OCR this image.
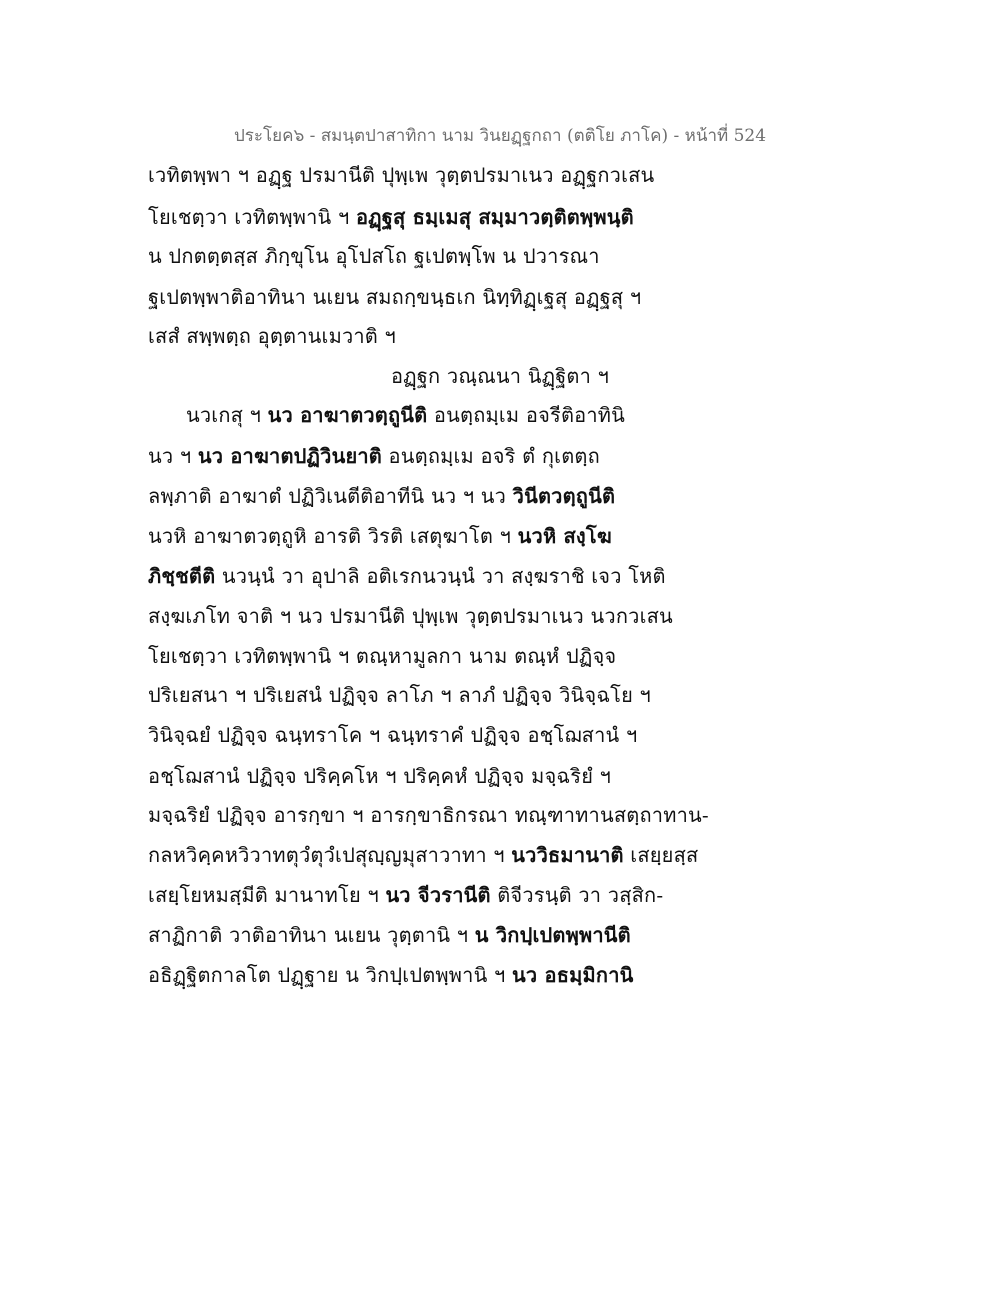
ประโยค๖ - สมนฺตปาสาทิกา นาม วินยฏฺฐกถา (ตติโย ภาโค) - หน้าที่ 524
เวทิตพฺพา ฯ อฏฺฐ ปรมานีติ ปุพฺเพ วุตฺตปรมาเนว อฏฺฐกวเสน
โยเชตฺวา เวทิตพฺพานิ ฯ อฏฺฐสุ ธมฺเมสุ สมฺมาวตฺติตพฺพนฺติ
น ปกตตฺตสฺส ภิกฺขุโน อุโปสโถ ฐเปตพฺโพ น ปวารณา
ฐเปตพฺพาติอาทินา นเยน สมถกฺขนฺธเก นิทฺทิฏฺเฐสุ อฏฺฐสุ ฯ
เสสํ สพฺพตฺถ อุตฺตานเมวาติ ฯ
อฏฺฐก วณฺณนา นิฏฺฐิตา ฯ
นวเกสุ ฯ นว อาฆาตวตฺถูนีติ อนตฺถมฺเม อจรีติอาทินิ
นว ฯ นว อาฆาตปฏิวินยาติ อนตฺถมฺเม อจริ ตํ กุเตตฺถ
ลพฺภาติ อาฆาตํ ปฏิวิเนตีติอาทีนิ นว ฯ นว วินีตวตฺถูนีติ
นวหิ อาฆาตวตฺถูหิ อารติ วิรติ เสตุฆาโต ฯ นวหิ สงฺโฆ
ภิชฺชตีติ นวนฺนํ วา อุปาลิ อติเรกนวนฺนํ วา สงฺฆราชิ เจว โหติ
สงฺฆเภโท จาติ ฯ นว ปรมานีติ ปุพฺเพ วุตฺตปรมาเนว นวกวเสน
โยเชตฺวา เวทิตพฺพานิ ฯ ตณฺหามูลกา นาม ตณฺหํ ปฏิจฺจ
ปริเยสนา ฯ ปริเยสนํ ปฏิจฺจ ลาโภ ฯ ลาภํ ปฏิจฺจ วินิจฺฉโย ฯ
วินิจฺฉยํ ปฏิจฺจ ฉนฺทราโค ฯ ฉนฺทราคํ ปฏิจฺจ อชฺโฌสานํ ฯ
อชฺโฌสานํ ปฏิจฺจ ปริคฺคโห ฯ ปริคฺคหํ ปฏิจฺจ มจฺฉริยํ ฯ
มจฺฉริยํ ปฏิจฺจ อารกฺขา ฯ อารกฺขาธิกรณา ทณฺฑาทานสตฺถาทาน-
กลหวิคฺคหวิวาทตุวํตุวํเปสุญฺญมุสาวาทา ฯ นววิธมานาติ เสยฺยสฺส
เสยฺโยหมสฺมีติ มานาทโย ฯ นว จีวรานีติ ติจีวรนฺติ วา วสฺสิก-
สาฏิกาติ วาติอาทินา นเยน วุตฺตานิ ฯ น วิกปฺเปตพฺพานีติ
อธิฏฺฐิตกาลโต ปฏฺฐาย น วิกปฺเปตพฺพานิ ฯ นว อธมฺมิกานิ
